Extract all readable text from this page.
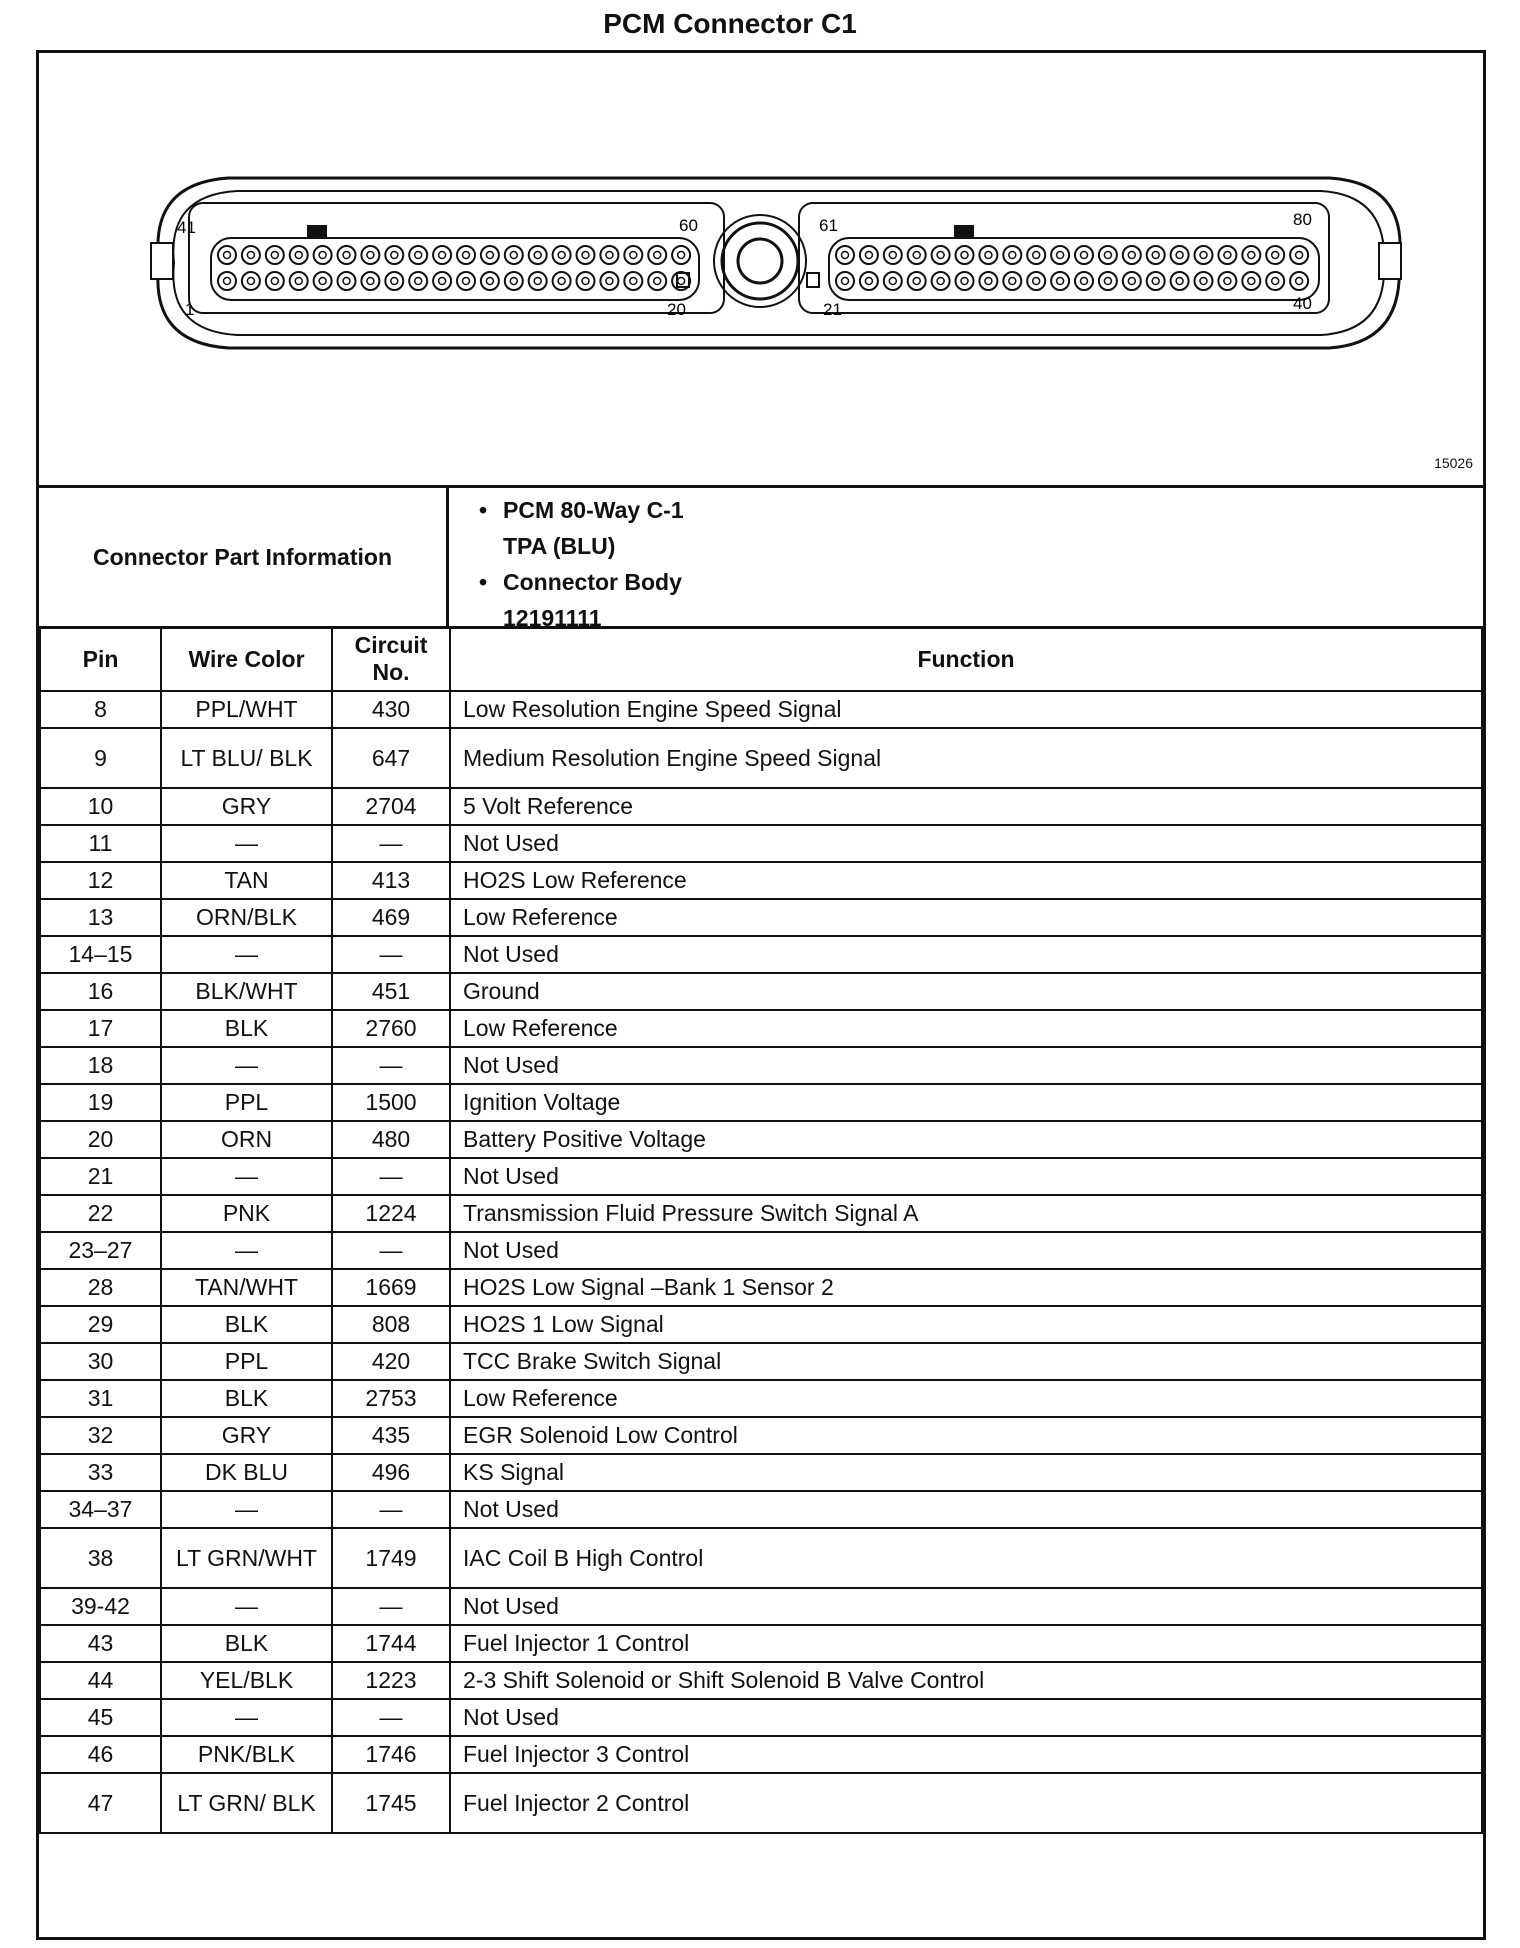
PCM Connector C1
41	60
1	20
61	80
21	40
15026
Connector Part Information
• PCM 80-Way C-1
TPA (BLU)
• Connector Body
12191111
Pin	Wire Color	Circuit No.	Function
8	PPL/WHT	430	Low Resolution Engine Speed Signal
9	LT BLU/ BLK	647	Medium Resolution Engine Speed Signal
10	GRY	2704	5 Volt Reference
11	—	—	Not Used
12	TAN	413	HO2S Low Reference
13	ORN/BLK	469	Low Reference
14–15	—	—	Not Used
16	BLK/WHT	451	Ground
17	BLK	2760	Low Reference
18	—	—	Not Used
19	PPL	1500	Ignition Voltage
20	ORN	480	Battery Positive Voltage
21	—	—	Not Used
22	PNK	1224	Transmission Fluid Pressure Switch Signal A
23–27	—	—	Not Used
28	TAN/WHT	1669	HO2S Low Signal –Bank 1 Sensor 2
29	BLK	808	HO2S 1 Low Signal
30	PPL	420	TCC Brake Switch Signal
31	BLK	2753	Low Reference
32	GRY	435	EGR Solenoid Low Control
33	DK BLU	496	KS Signal
34–37	—	—	Not Used
38	LT GRN/WHT	1749	IAC Coil B High Control
39-42	—	—	Not Used
43	BLK	1744	Fuel Injector 1 Control
44	YEL/BLK	1223	2-3 Shift Solenoid or Shift Solenoid B Valve Control
45	—	—	Not Used
46	PNK/BLK	1746	Fuel Injector 3 Control
47	LT GRN/ BLK	1745	Fuel Injector 2 Control
